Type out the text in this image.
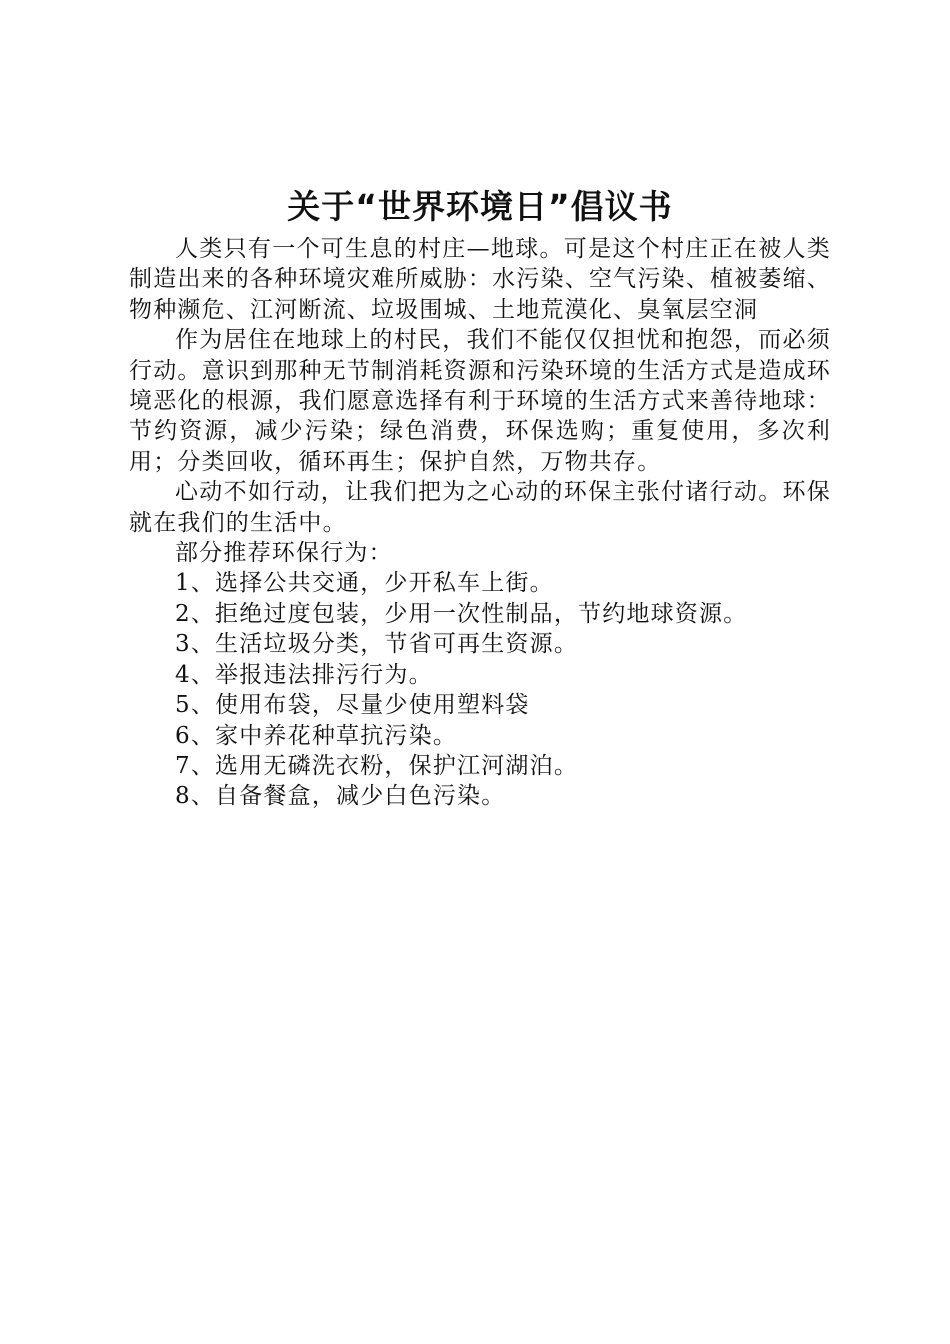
关于“世界环境日”倡议书

人类只有一个可生息的村庄—地球。可是这个村庄正在被人类制造出来的各种环境灾难所威胁：水污染、空气污染、植被萎缩、物种濒危、江河断流、垃圾围城、土地荒漠化、臭氧层空洞

作为居住在地球上的村民，我们不能仅仅担忧和抱怨，而必须行动。意识到那种无节制消耗资源和污染环境的生活方式是造成环境恶化的根源，我们愿意选择有利于环境的生活方式来善待地球：节约资源，减少污染；绿色消费，环保选购；重复使用，多次利用；分类回收，循环再生；保护自然，万物共存。

心动不如行动，让我们把为之心动的环保主张付诸行动。环保就在我们的生活中。

部分推荐环保行为：

1、选择公共交通，少开私车上街。
2、拒绝过度包装，少用一次性制品，节约地球资源。
3、生活垃圾分类，节省可再生资源。
4、举报违法排污行为。
5、使用布袋，尽量少使用塑料袋
6、家中养花种草抗污染。
7、选用无磷洗衣粉，保护江河湖泊。
8、自备餐盒，减少白色污染。
